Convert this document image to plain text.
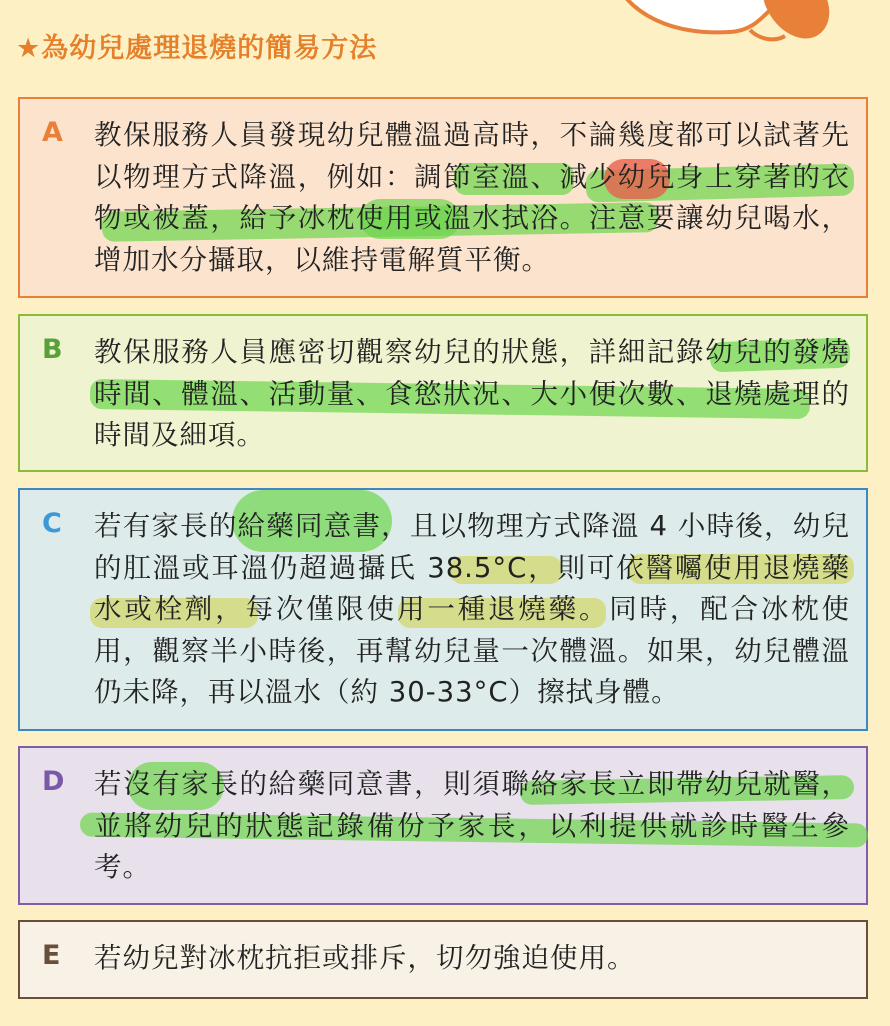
★為幼兒處理退燒的簡易方法
A 教保服務人員發現幼兒體溫過高時，不論幾度都可以試著先以物理方式降溫，例如：調節室溫、減少幼兒身上穿著的衣物或被蓋，給予冰枕使用或溫水拭浴。注意要讓幼兒喝水，增加水分攝取，以維持電解質平衡。
B 教保服務人員應密切觀察幼兒的狀態，詳細記錄幼兒的發燒時間、體溫、活動量、食慾狀況、大小便次數、退燒處理的時間及細項。
C 若有家長的給藥同意書，且以物理方式降溫 4 小時後，幼兒的肛溫或耳溫仍超過攝氏 38.5°C，則可依醫囑使用退燒藥水或栓劑，每次僅限使用一種退燒藥。同時，配合冰枕使用，觀察半小時後，再幫幼兒量一次體溫。如果，幼兒體溫仍未降，再以溫水（約 30-33°C）擦拭身體。
D 若沒有家長的給藥同意書，則須聯絡家長立即帶幼兒就醫，並將幼兒的狀態記錄備份予家長，以利提供就診時醫生參考。
E 若幼兒對冰枕抗拒或排斥，切勿強迫使用。
